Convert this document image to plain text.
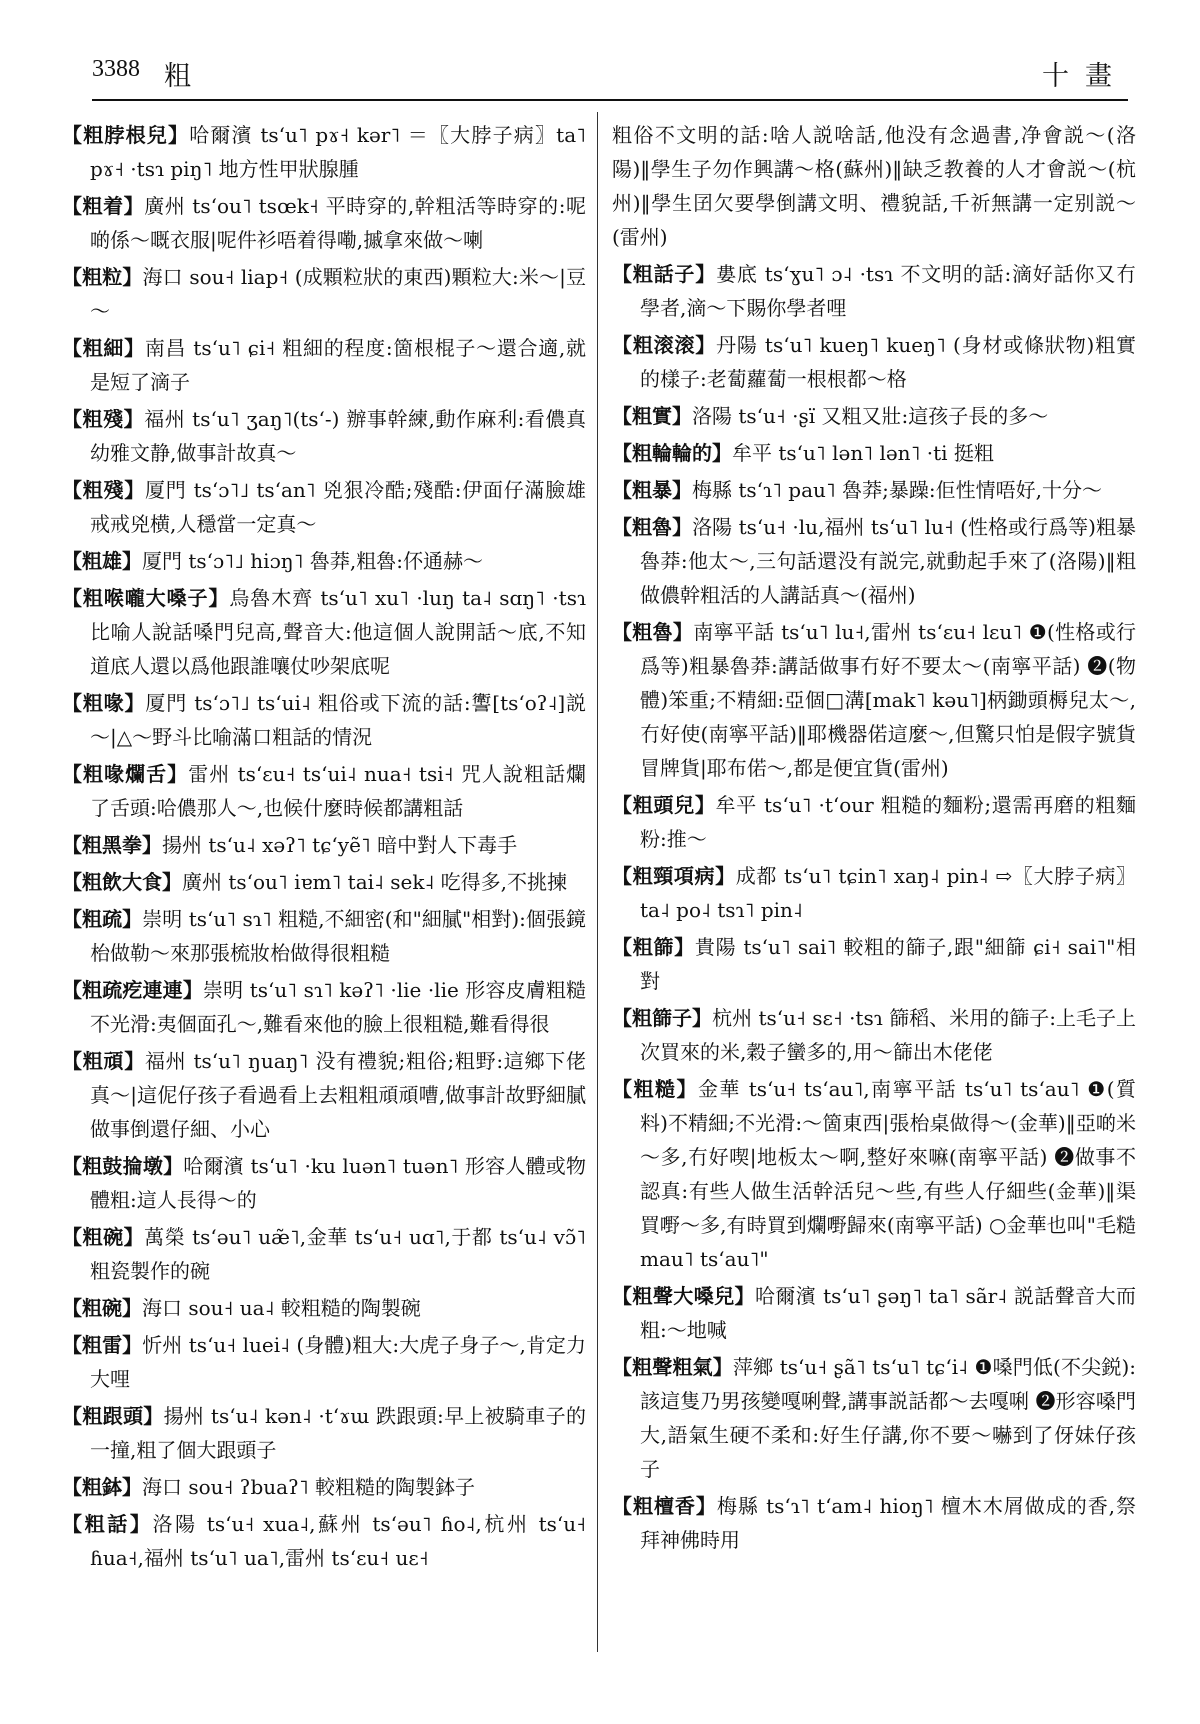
3388 粗	十畫
【粗脖根兒】哈爾濱 tsʻu˥ pɤ˧ kər˥ ＝〖大脖子病〗ta˥ pɤ˧ ·tsɿ piŋ˥ 地方性甲狀腺腫
【粗着】廣州 tsʻou˥ tsœk˧ 平時穿的,幹粗活等時穿的:呢啲係～嘅衣服|呢件衫唔着得嘞,摵拿來做～喇
【粗粒】海口 sou˧ liap˧ (成顆粒狀的東西)顆粒大:米～|豆～
【粗細】南昌 tsʻu˥ ɕi˧ 粗細的程度:箇根棍子～還合適,就是短了滴子
【粗殘】福州 tsʻu˥ ʒaŋ˥(tsʻ-) 辦事幹練,動作麻利:看儂真幼雅文静,做事計故真～
【粗殘】厦門 tsʻɔ˥˩ tsʻan˥ 兇狠冷酷;殘酷:伊面仔滿臉雄戒戒兇横,人穩當一定真～
【粗雄】厦門 tsʻɔ˥˩ hiɔŋ˥ 魯莽,粗魯:伓通赫～
【粗喉嚨大嗓子】烏魯木齊 tsʻu˥ xu˥ ·luŋ ta˨ sɑŋ˥ ·tsɿ 比喻人說話嗓門兒高,聲音大:他這個人說開話～底,不知道底人還以爲他跟誰嚷仗吵架底呢
【粗喙】厦門 tsʻɔ˥˩ tsʻui˨ 粗俗或下流的話:讆[tsʻoʔ˨]説～|△～野斗比喻滿口粗話的情況
【粗喙爛舌】雷州 tsʻɛu˧ tsʻui˨ nua˧ tsi˧ 咒人說粗話爛了舌頭:哈儂那人～,也候什麼時候都講粗話
【粗黑拳】揚州 tsʻu˨ xəʔ˥ tɕʻyẽ˥ 暗中對人下毒手
【粗飲大食】廣州 tsʻou˥ iɐm˥ tai˨ sek˨ 吃得多,不挑揀
【粗疏】崇明 tsʻu˥ sɿ˥ 粗糙,不細密(和"細膩"相對):個張鏡枱做勒～來那張梳妝枱做得很粗糙
【粗疏疙連連】崇明 tsʻu˥ sɿ˥ kəʔ˥ ·lie ·lie 形容皮膚粗糙不光滑:夷個面孔～,難看來他的臉上很粗糙,難看得很
【粗頑】福州 tsʻu˥ ŋuaŋ˥ 没有禮貌;粗俗;粗野:這鄉下佬真～|這伲仔孩子看過看上去粗粗頑頑嘈,做事計故野細膩做事倒還仔細、小心
【粗鼓掄墩】哈爾濱 tsʻu˥ ·ku luən˥ tuən˥ 形容人體或物體粗:這人長得～的
【粗碗】萬榮 tsʻəu˥ uæ̃˥,金華 tsʻu˧ uɑ˥,于都 tsʻu˨ vɔ̃˥ 粗瓷製作的碗
【粗碗】海口 sou˧ ua˨ 較粗糙的陶製碗
【粗雷】忻州 tsʻu˧ luei˨ (身體)粗大:大虎子身子～,肯定力大哩
【粗跟頭】揚州 tsʻu˨ kən˨ ·tʻɤɯ 跌跟頭:早上被騎車子的一撞,粗了個大跟頭子
【粗鉢】海口 sou˧ ʔbuaʔ˥ 較粗糙的陶製鉢子
【粗話】洛陽 tsʻu˧ xua˨,蘇州 tsʻəu˥ ɦo˨,杭州 tsʻu˧ ɦua˧,福州 tsʻu˥ ua˥,雷州 tsʻɛu˧ uɛ˧
粗俗不文明的話:啥人説啥話,他没有念過書,净會説～(洛陽)‖學生子勿作興講～格(蘇州)‖缺乏教養的人才會説～(杭州)‖學生囝欠要學倒講文明、禮貌話,千祈無講一定别説～(雷州)
【粗話子】婁底 tsʻɣu˥ ɔ˨ ·tsɿ 不文明的話:滴好話你又冇學者,滴～下賜你學者哩
【粗滚滚】丹陽 tsʻu˥ kueŋ˥ kueŋ˥ (身材或條狀物)粗實的樣子:老蔔蘿蔔一根根都～格
【粗實】洛陽 tsʻu˧ ·ʂï 又粗又壯:這孩子長的多～
【粗輪輪的】牟平 tsʻu˥ lən˥ lən˥ ·ti 挺粗
【粗暴】梅縣 tsʻɿ˥ pau˥ 魯莽;暴躁:佢性情唔好,十分～
【粗魯】洛陽 tsʻu˧ ·lu,福州 tsʻu˥ lu˧ (性格或行爲等)粗暴魯莽:他太～,三句話還没有説完,就動起手來了(洛陽)‖粗做儂幹粗活的人講話真～(福州)
【粗魯】南寧平話 tsʻu˥ lu˧,雷州 tsʻɛu˧ lɛu˥ ❶(性格或行爲等)粗暴魯莽:講話做事冇好不要太～(南寧平話) ❷(物體)笨重;不精細:亞個□溝[mak˥ kəu˥]柄鋤頭槈兒太～,冇好使(南寧平話)‖耶機器偌這麼～,但驚只怕是假字號貨冒牌貨|耶布偌～,都是便宜貨(雷州)
【粗頭兒】牟平 tsʻu˥ ·tʻour 粗糙的麵粉;還需再磨的粗麵粉:推～
【粗頸項病】成都 tsʻu˥ tɕin˥ xaŋ˨ pin˨ ⇨〖大脖子病〗ta˨ po˨ tsɿ˥ pin˨
【粗篩】貴陽 tsʻu˥ sai˥ 較粗的篩子,跟"細篩 ɕi˧ sai˥"相對
【粗篩子】杭州 tsʻu˧ sɛ˧ ·tsɿ 篩稻、米用的篩子:上毛子上次買來的米,穀子蠻多的,用～篩出木佬佬
【粗糙】金華 tsʻu˧ tsʻau˥,南寧平話 tsʻu˥ tsʻau˥ ❶(質料)不精細;不光滑:～箇東西|張枱桌做得～(金華)‖亞啲米～多,冇好喫|地板太～啊,整好來嘛(南寧平話) ❷做事不認真:有些人做生活幹活兒～些,有些人仔細些(金華)‖渠買嘢～多,有時買到爛嘢歸來(南寧平話) ○金華也叫"毛糙 mau˥ tsʻau˥"
【粗聲大嗓兒】哈爾濱 tsʻu˥ ʂəŋ˥ ta˥ sãr˨ 説話聲音大而粗:～地喊
【粗聲粗氣】萍鄉 tsʻu˧ ʂã˥ tsʻu˥ tɕʻi˨ ❶嗓門低(不尖鋭):該這隻乃男孩變嘎唎聲,講事説話都～去嘎唎 ❷形容嗓門大,語氣生硬不柔和:好生仔講,你不要～嚇到了伢妹仔孩子
【粗檀香】梅縣 tsʻɿ˥ tʻam˨ hioŋ˥ 檀木木屑做成的香,祭拜神佛時用
